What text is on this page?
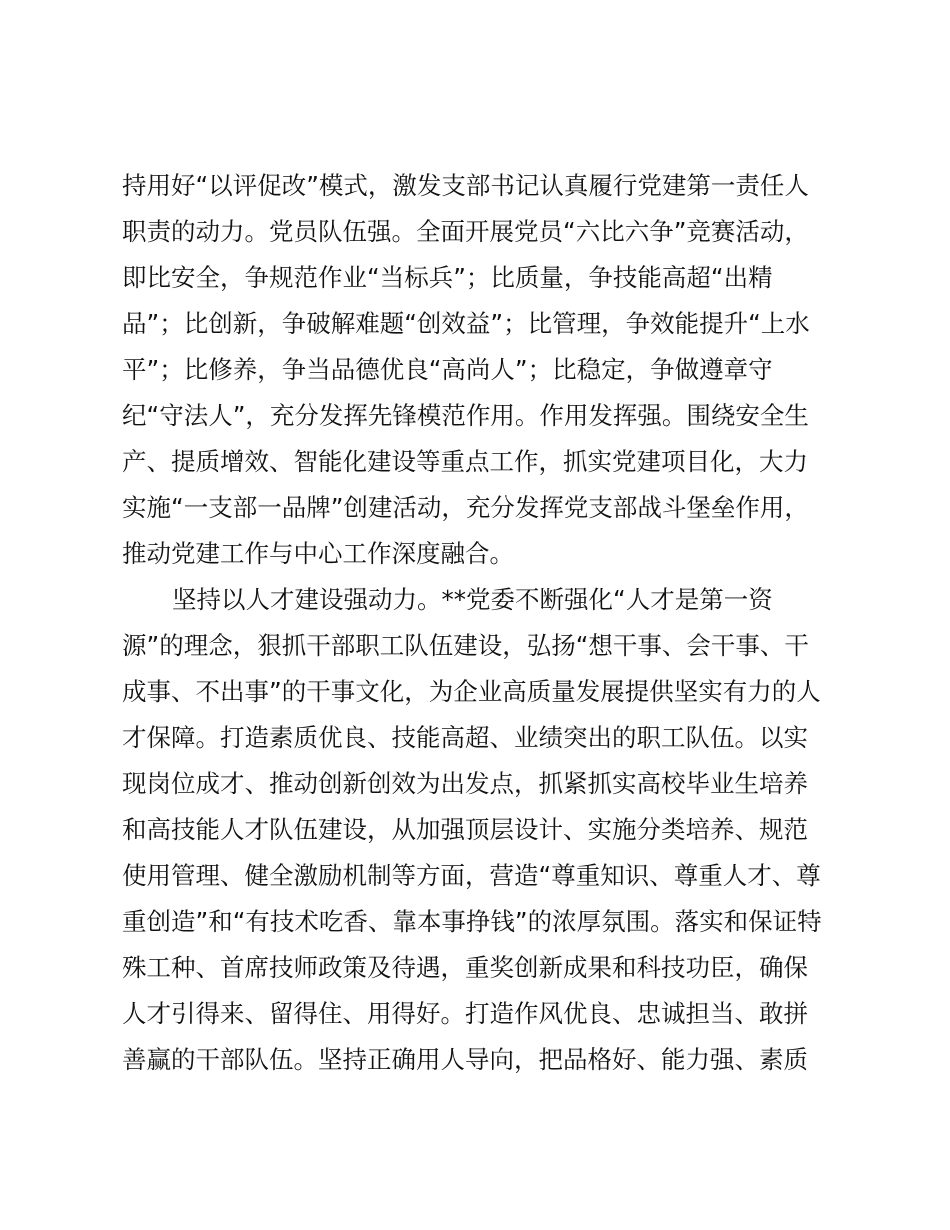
持用好“以评促改”模式，激发支部书记认真履行党建第一责任人
职责的动力。党员队伍强。全面开展党员“六比六争”竞赛活动，
即比安全，争规范作业“当标兵”；比质量，争技能高超“出精
品”；比创新，争破解难题“创效益”；比管理，争效能提升“上水
平”；比修养，争当品德优良“高尚人”；比稳定，争做遵章守
纪“守法人”，充分发挥先锋模范作用。作用发挥强。围绕安全生
产、提质增效、智能化建设等重点工作，抓实党建项目化，大力
实施“一支部一品牌”创建活动，充分发挥党支部战斗堡垒作用，
推动党建工作与中心工作深度融合。
坚持以人才建设强动力。**党委不断强化“人才是第一资
源”的理念，狠抓干部职工队伍建设，弘扬“想干事、会干事、干
成事、不出事”的干事文化，为企业高质量发展提供坚实有力的人
才保障。打造素质优良、技能高超、业绩突出的职工队伍。以实
现岗位成才、推动创新创效为出发点，抓紧抓实高校毕业生培养
和高技能人才队伍建设，从加强顶层设计、实施分类培养、规范
使用管理、健全激励机制等方面，营造“尊重知识、尊重人才、尊
重创造”和“有技术吃香、靠本事挣钱”的浓厚氛围。落实和保证特
殊工种、首席技师政策及待遇，重奖创新成果和科技功臣，确保
人才引得来、留得住、用得好。打造作风优良、忠诚担当、敢拼
善赢的干部队伍。坚持正确用人导向，把品格好、能力强、素质
